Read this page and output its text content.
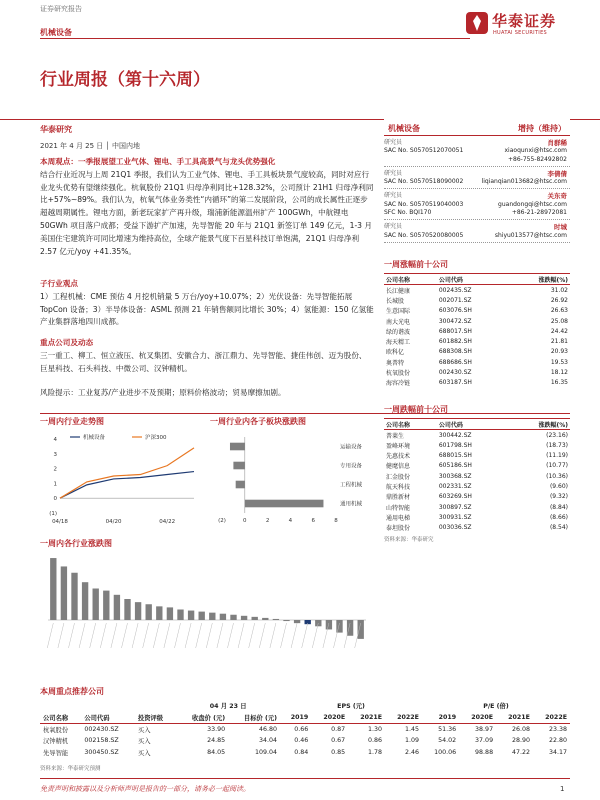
证券研究报告
机械设备
华泰证券
HUATAI SECURITIES
行业周报（第十六周）
华泰研究
2021 年 4 月 25 日 │ 中国内地
本周观点：一季报展望工业气体、锂电、手工具高景气与龙头优势强化
结合行业近况与上周 21Q1 季报，我们认为工业气体、锂电、手工具板块景气度较高，同时对应行业龙头优势有望继续强化。杭氧股份 21Q1 归母净利同比+128.32%，公司预计 21H1 归母净利同比+57%~89%。我们认为，杭氧气体业务类性“内循环”的第二发展阶段，公司的成长属性正逐步超越周期属性。锂电方面，新老玩家扩产再升级，瑞浦新能源温州扩产 100GWh，中航锂电 50GWh 项目落户成都；受益下游扩产加速，先导智能 20 年与 21Q1 新签订单 149 亿元，1-3 月美国住宅建筑许可同比增速为维持高位，全球产能景气度下百星科技订单饱满，21Q1 归母净利 2.57 亿元/yoy +41.35%。
子行业观点
1）工程机械：CME 预估 4 月挖机销量 5 万台/yoy+10.07%；2）光伏设备：先导智能拓展 TopCon 设备；3）半导体设备：ASML 预测 21 年销售额同比增长 30%；4）氢能源：150 亿氢能产业集群落地四川成都。
重点公司及动态
三一重工、柳工、恒立液压、杭叉集团、安徽合力、浙江鼎力、先导智能、捷佳伟创、迈为股份、巨星科技、石头科技、中微公司、汉钟精机。
风险提示：工业复苏/产业进步不及预期；原料价格波动；贸易摩擦加剧。
一周内行业走势图
4
3
2
1
0
(1)
04/18	04/20	04/22
机械设备	沪深300
一周行业内各子板块涨跌图
运输设备
专用设备
工程机械
通用机械
(2)	0	2	4	6	8
一周内各行业涨跌图
机械设备	增持（维持）
研究员	肖群稀
SAC No. S0570512070051	xiaoqunxi@htsc.com
+86-755-82492802
研究员	李倩倩
SAC No. S0570518090002	liqianqian013682@htsc.com
研究员	关东奇
SAC No. S0570519040003	guandongqi@htsc.com
SFC No. BQI170	+86-21-28972081
研究员	时城
SAC No. S0570520080005	shiyu013577@htsc.com
一周涨幅前十公司
公司名称	公司代码	涨跌幅(%)
长江健康	002435.SZ	31.02
长城股	002071.SZ	26.92
生意国际	603076.SH	26.63
南大光电	300472.SZ	25.08
绿的谐波	688017.SH	24.42
海天精工	601882.SH	21.81
欧科亿	688308.SH	20.93
奥普特	688686.SH	19.53
杭氧股份	002430.SZ	18.12
海容冷链	603187.SH	16.35
一周跌幅前十公司
公司名称	公司代码	涨跌幅(%)
普莱生	300442.SZ	(23.16)
盈峰环境	601798.SH	(18.73)
先惠技术	688015.SH	(11.19)
健麾信息	605186.SH	(10.77)
汇金股份	300368.SZ	(10.36)
航天科技	002331.SZ	(9.60)
鼎胜新材	603269.SH	(9.32)
山特智能	300897.SZ	(8.84)
通用电梯	300931.SZ	(8.66)
泰坦股份	003036.SZ	(8.54)
资料来源：华泰研究
本周重点推荐公司
			04 月 23 日		EPS (元)				P/E (倍)			
公司名称	公司代码	投资评级	收盘价 (元)	目标价 (元)	2019	2020E	2021E	2022E	2019	2020E	2021E	2022E
杭氧股份	002430.SZ	买入	33.90	46.80	0.66	0.87	1.30	1.45	51.36	38.97	26.08	23.38
汉钟精机	002158.SZ	买入	24.85	34.04	0.46	0.67	0.86	1.09	54.02	37.09	28.90	22.80
先导智能	300450.SZ	买入	84.05	109.04	0.84	0.85	1.78	2.46	100.06	98.88	47.22	34.17
资料来源：华泰研究预测
免责声明和披露以及分析师声明是报告的一部分，请务必一起阅读。	1
